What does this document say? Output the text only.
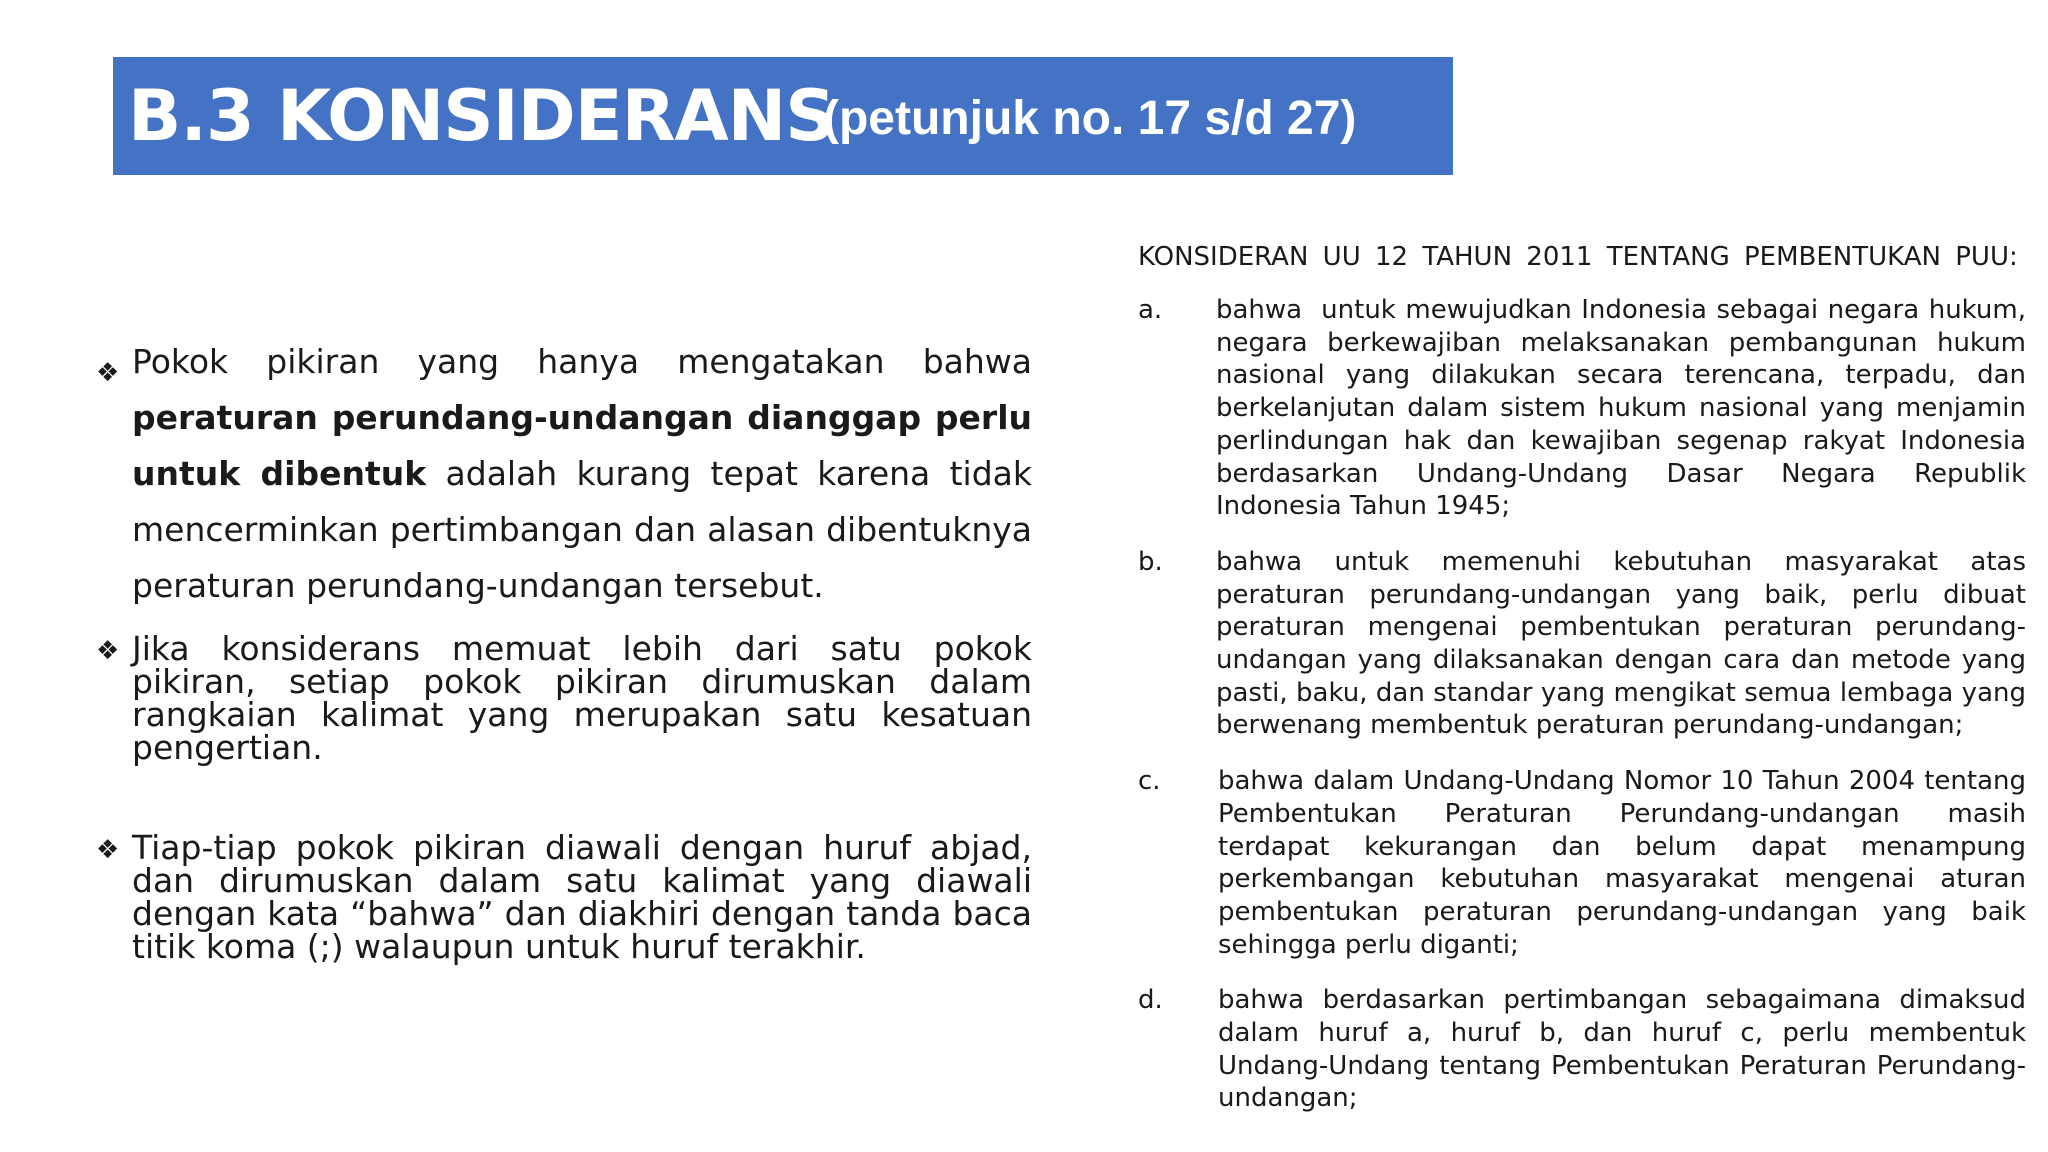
B.3 KONSIDERANS
(petunjuk no. 17 s/d 27)
❖ Pokok pikiran yang hanya mengatakan bahwa peraturan perundang-undangan dianggap perlu untuk dibentuk adalah kurang tepat karena tidak mencerminkan pertimbangan dan alasan dibentuknya peraturan perundang-undangan tersebut.
❖ Jika konsiderans memuat lebih dari satu pokok pikiran, setiap pokok pikiran dirumuskan dalam rangkaian kalimat yang merupakan satu kesatuan pengertian.
❖ Tiap-tiap pokok pikiran diawali dengan huruf abjad, dan dirumuskan dalam satu kalimat yang diawali dengan kata “bahwa” dan diakhiri dengan tanda baca titik koma (;) walaupun untuk huruf terakhir.
KONSIDERAN UU 12 TAHUN 2011 TENTANG PEMBENTUKAN PUU:
a. bahwa  untuk mewujudkan Indonesia sebagai negara hukum, negara berkewajiban melaksanakan pembangunan hukum nasional yang dilakukan secara terencana, terpadu, dan berkelanjutan dalam sistem hukum nasional yang menjamin perlindungan hak dan kewajiban segenap rakyat Indonesia berdasarkan Undang-Undang Dasar Negara Republik Indonesia Tahun 1945;
b. bahwa untuk memenuhi kebutuhan masyarakat atas peraturan perundang-undangan yang baik, perlu dibuat peraturan mengenai pembentukan peraturan perundang-undangan yang dilaksanakan dengan cara dan metode yang pasti, baku, dan standar yang mengikat semua lembaga yang berwenang membentuk peraturan perundang-undangan;
c. bahwa dalam Undang-Undang Nomor 10 Tahun 2004 tentang Pembentukan Peraturan Perundang-undangan masih terdapat kekurangan dan belum dapat menampung perkembangan kebutuhan masyarakat mengenai aturan pembentukan peraturan perundang-undangan yang baik sehingga perlu diganti;
d. bahwa berdasarkan pertimbangan sebagaimana dimaksud dalam huruf a, huruf b, dan huruf c, perlu membentuk Undang-Undang tentang Pembentukan Peraturan Perundang-undangan;
